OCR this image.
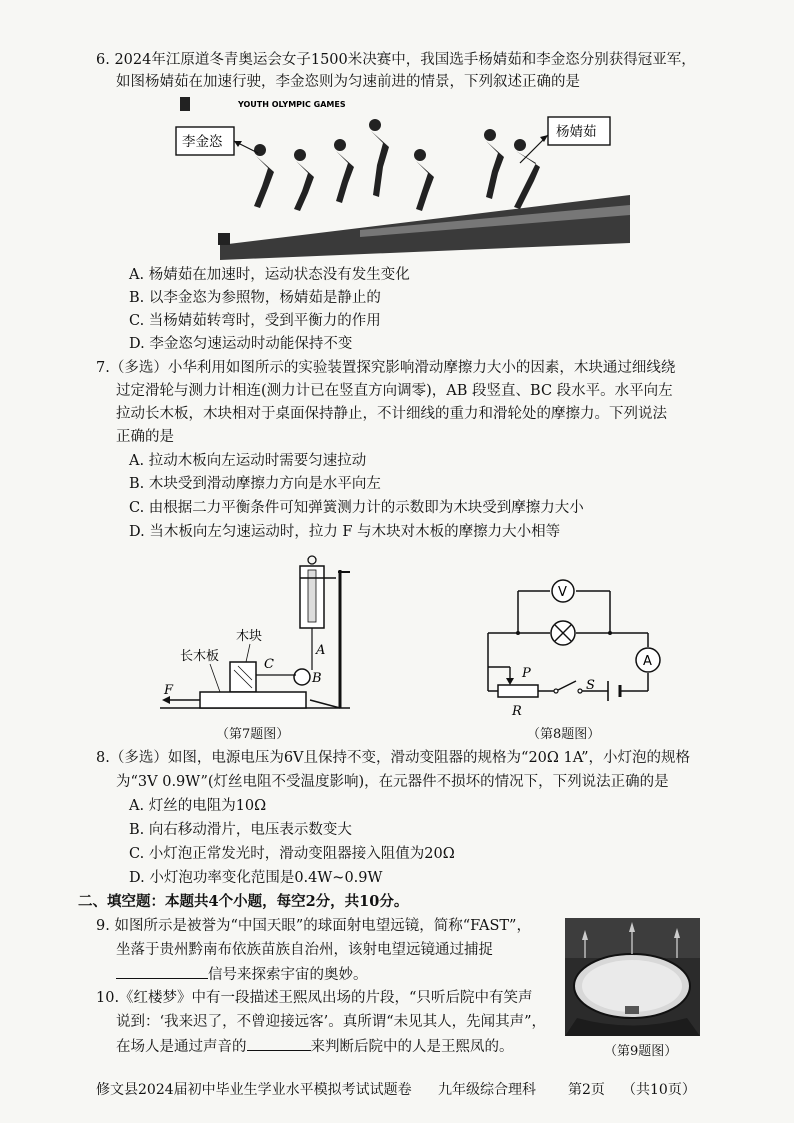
6. 2024年江原道冬青奥运会女子1500米决赛中，我国选手杨婧茹和李金恣分别获得冠亚军，
如图杨婧茹在加速行驶，李金恣则为匀速前进的情景，下列叙述正确的是
YOUTH OLYMPIC GAMES
李金恣
杨婧茹
A. 杨婧茹在加速时，运动状态没有发生变化
B. 以李金恣为参照物，杨婧茹是静止的
C. 当杨婧茹转弯时，受到平衡力的作用
D. 李金恣匀速运动时动能保持不变
7.（多选）小华利用如图所示的实验装置探究影响滑动摩擦力大小的因素，木块通过细线绕
过定滑轮与测力计相连(测力计已在竖直方向调零)，AB 段竖直、BC 段水平。水平向左
拉动长木板，木块相对于桌面保持静止，不计细线的重力和滑轮处的摩擦力。下列说法
正确的是
A. 拉动木板向左运动时需要匀速拉动
B. 木块受到滑动摩擦力方向是水平向左
C. 由根据二力平衡条件可知弹簧测力计的示数即为木块受到摩擦力大小
D. 当木板向左匀速运动时，拉力 F 与木块对木板的摩擦力大小相等
A
B
C
F
木块
长木板
（第7题图）
V
A
P
R
S
（第8题图）
8.（多选）如图，电源电压为6V且保持不变，滑动变阻器的规格为“20Ω 1A”，小灯泡的规格
为“3V 0.9W”(灯丝电阻不受温度影响)，在元器件不损坏的情况下，下列说法正确的是
A. 灯丝的电阻为10Ω
B. 向右移动滑片，电压表示数变大
C. 小灯泡正常发光时，滑动变阻器接入阻值为20Ω
D. 小灯泡功率变化范围是0.4W~0.9W
二、填空题：本题共4个小题，每空2分，共10分。
9. 如图所示是被誉为“中国天眼”的球面射电望远镜，简称“FAST”，
坐落于贵州黔南布依族苗族自治州，该射电望远镜通过捕捉
信号来探索宇宙的奥妙。
10.《红楼梦》中有一段描述王熙凤出场的片段，“只听后院中有笑声
说到：‘我来迟了，不曾迎接远客’。真所谓“未见其人，先闻其声”，
在场人是通过声音的	来判断后院中的人是王熙凤的。	（第9题图）
修文县2024届初中毕业生学业水平模拟考试试题卷 九年级综合理科 第2页 （共10页）
